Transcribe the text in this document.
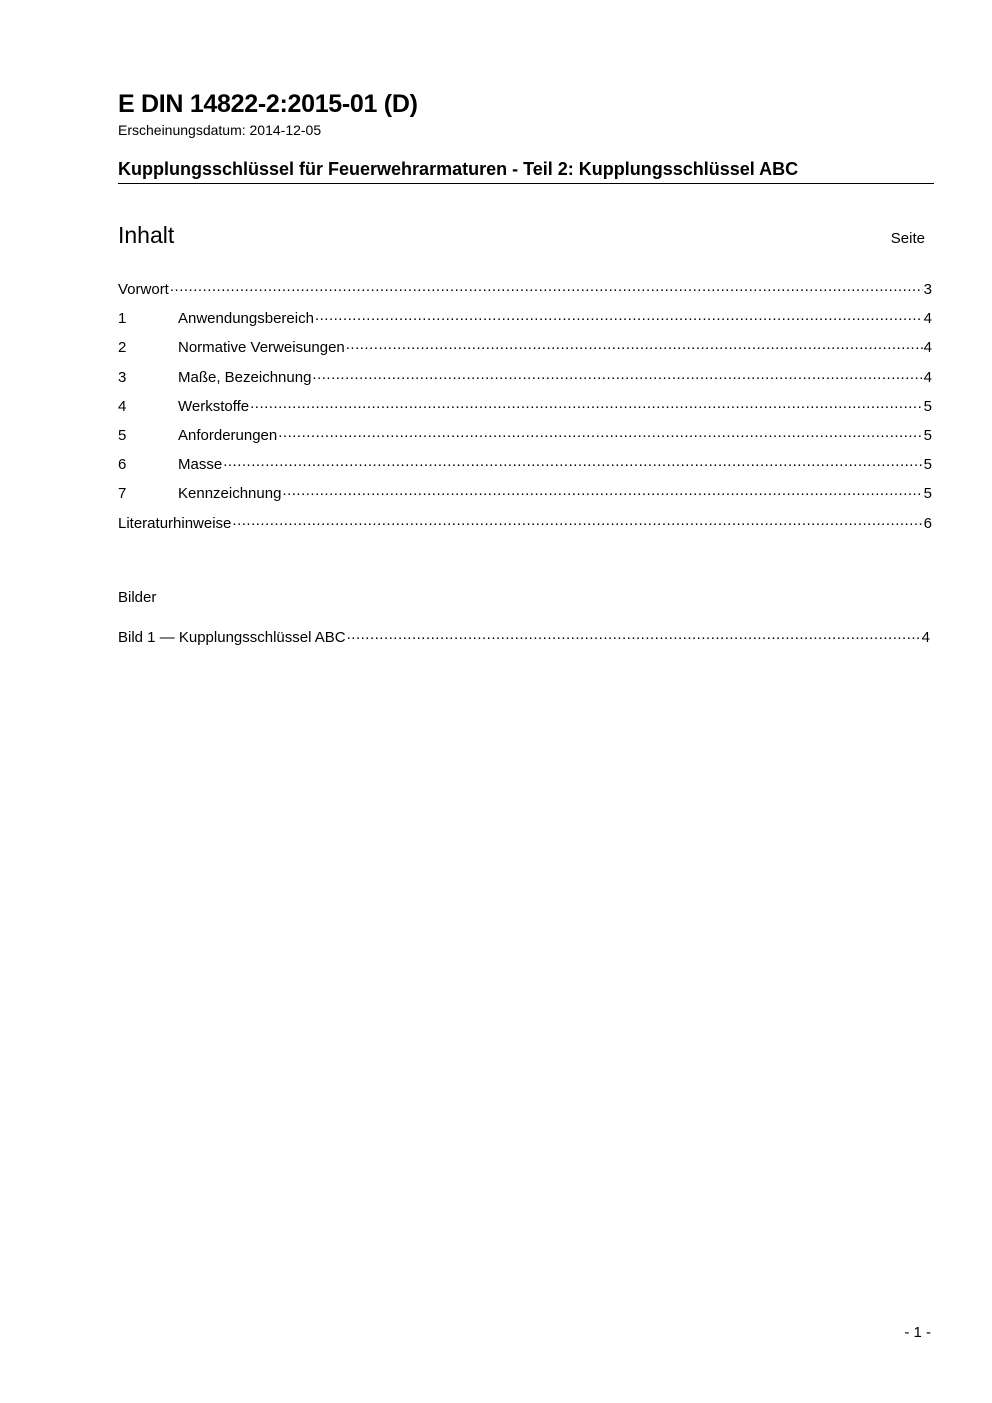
E DIN 14822-2:2015-01 (D)
Erscheinungsdatum: 2014-12-05
Kupplungsschlüssel für Feuerwehrarmaturen - Teil 2: Kupplungsschlüssel ABC
Inhalt	Seite
Vorwort .....	3
1	Anwendungsbereich .....	4
2	Normative Verweisungen .....	4
3	Maße, Bezeichnung .....	4
4	Werkstoffe .....	5
5	Anforderungen .....	5
6	Masse .....	5
7	Kennzeichnung .....	5
Literaturhinweise .....	6
Bilder
Bild 1 — Kupplungsschlüssel ABC .....	4
- 1 -
